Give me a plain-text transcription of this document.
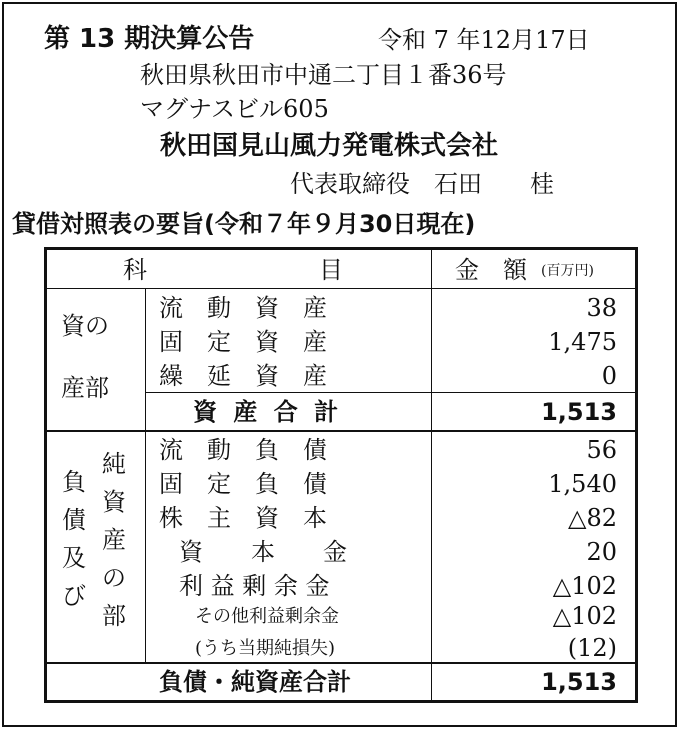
第 13 期決算公告	令和 7 年12月17日
秋田県秋田市中通二丁目１番36号
マグナスビル605
秋田国見山風力発電株式会社
代表取締役　石田　　桂
貸借対照表の要旨(令和７年９月30日現在)
科	目	金　額 (百万円)
資の
産部
流　動　資　産	38
固　定　資　産	1,475
繰　延　資　産	0
資 産 合 計	1,513
負
債
及
び
純
資
産
の
部
流　動　負　債	56
固　定　負　債	1,540
株　主　資　本	△82
資　　本　　金	20
利 益 剰 余 金	△102
その他利益剰余金	△102
(うち当期純損失)	(12)
負債・純資産合計	1,513
